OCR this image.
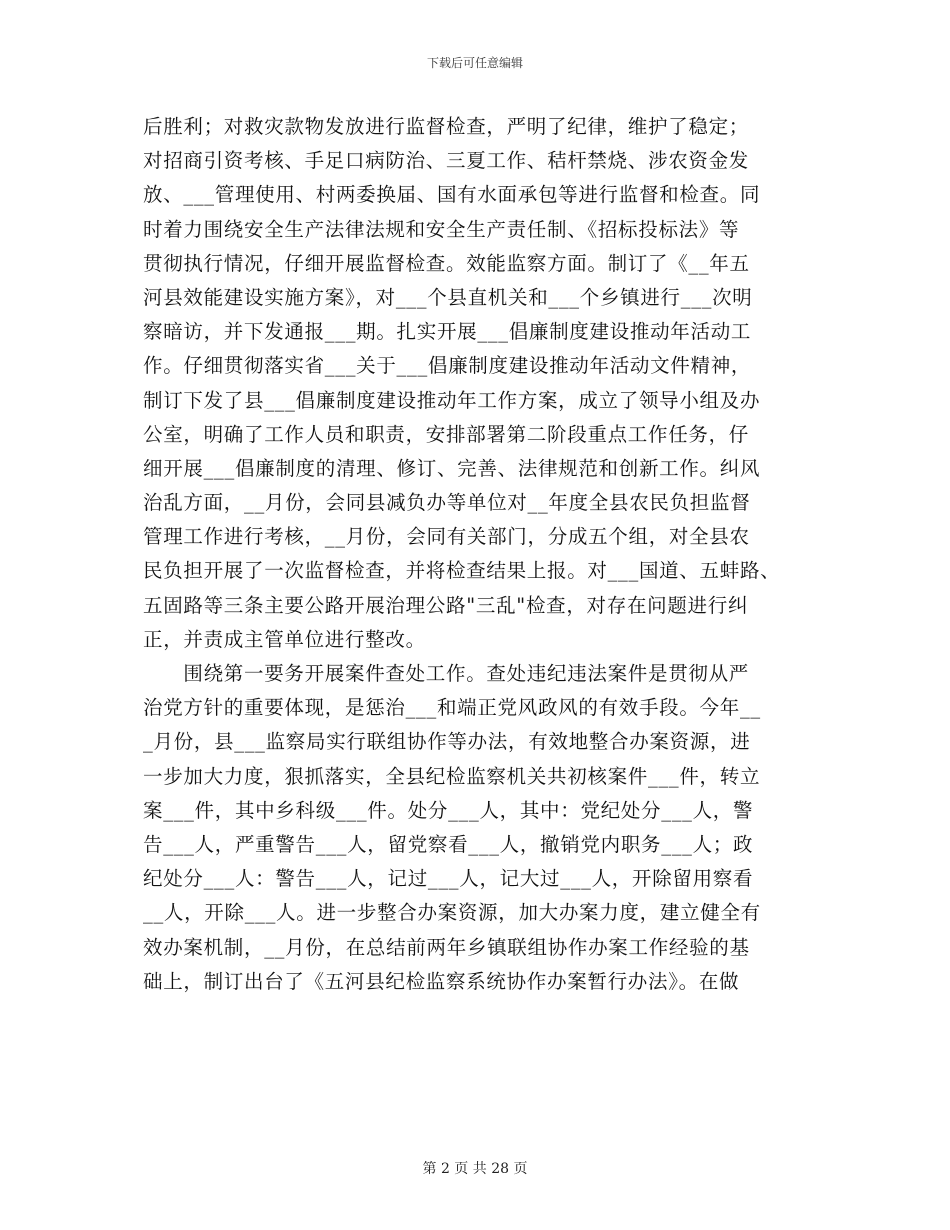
下载后可任意编辑
后胜利；对救灾款物发放进行监督检查，严明了纪律，维护了稳定；
对招商引资考核、手足口病防治、三夏工作、秸杆禁烧、涉农资金发
放、___管理使用、村两委换届、国有水面承包等进行监督和检查。同
时着力围绕安全生产法律法规和安全生产责任制、《招标投标法》等
贯彻执行情况，仔细开展监督检查。效能监察方面。制订了《__年五
河县效能建设实施方案》，对___个县直机关和___个乡镇进行___次明
察暗访，并下发通报___期。扎实开展___倡廉制度建设推动年活动工
作。仔细贯彻落实省___关于___倡廉制度建设推动年活动文件精神，
制订下发了县___倡廉制度建设推动年工作方案，成立了领导小组及办
公室，明确了工作人员和职责，安排部署第二阶段重点工作任务，仔
细开展___倡廉制度的清理、修订、完善、法律规范和创新工作。纠风
治乱方面，__月份，会同县减负办等单位对__年度全县农民负担监督
管理工作进行考核，__月份，会同有关部门，分成五个组，对全县农
民负担开展了一次监督检查，并将检查结果上报。对___国道、五蚌路、
五固路等三条主要公路开展治理公路"三乱"检查，对存在问题进行纠
正，并责成主管单位进行整改。
　　围绕第一要务开展案件查处工作。查处违纪违法案件是贯彻从严
治党方针的重要体现，是惩治___和端正党风政风的有效手段。今年__
_月份，县___监察局实行联组协作等办法，有效地整合办案资源，进
一步加大力度，狠抓落实，全县纪检监察机关共初核案件___件，转立
案___件，其中乡科级___件。处分___人，其中：党纪处分___人，警
告___人，严重警告___人，留党察看___人，撤销党内职务___人；政
纪处分___人：警告___人，记过___人，记大过___人，开除留用察看
__人，开除___人。进一步整合办案资源，加大办案力度，建立健全有
效办案机制，__月份，在总结前两年乡镇联组协作办案工作经验的基
础上，制订出台了《五河县纪检监察系统协作办案暂行办法》。在做
第 2 页 共 28 页
